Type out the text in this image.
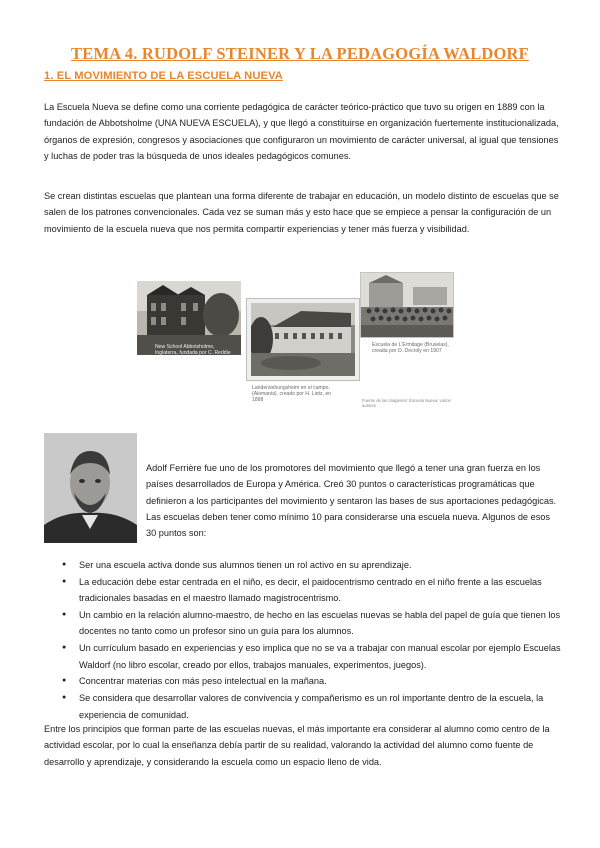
TEMA 4. RUDOLF STEINER Y LA PEDAGOGÍA WALDORF
1. EL MOVIMIENTO DE LA ESCUELA NUEVA

La Escuela Nueva se define como una corriente pedagógica de carácter teórico-práctico que tuvo su origen en 1889 con la fundación de Abbotsholme (UNA NUEVA ESCUELA), y que llegó a constituirse en organización fuertemente institucionalizada, órganos de expresión, congresos y asociaciones que configuraron un movimiento de carácter universal, al igual que tensiones y luchas de poder tras la búsqueda de unos ideales pedagógicos comunes.

Se crean distintas escuelas que plantean una forma diferente de trabajar en educación, un modelo distinto de escuelas que se salen de los patrones convencionales. Cada vez se suman más y esto hace que se empiece a pensar la configuración de un movimiento de la escuela nueva que nos permita compartir experiencias y tener más fuerza y visibilidad.

New School Abbotsholme, Inglaterra, fundada por C. Reddie en 1889
Landerziehungsheim en el campo, (Alemania), creado por H. Lietz, en 1898
Escuela de L'Ermitage (Bruselas), creada por O. Decroly en 1907
Fuente de las imágenes: Escuela Nueva, varios autores

Adolf Ferrière fue uno de los promotores del movimiento que llegó a tener una gran fuerza en los países desarrollados de Europa y América. Creó 30 puntos o características programáticas que definieron a los participantes del movimiento y sentaron las bases de sus aportaciones pedagógicas. Las escuelas deben tener como mínimo 10 para considerarse una escuela nueva. Algunos de esos 30 puntos son:

● Ser una escuela activa donde sus alumnos tienen un rol activo en su aprendizaje.
● La educación debe estar centrada en el niño, es decir, el paidocentrismo centrado en el niño frente a las escuelas tradicionales basadas en el maestro llamado magistrocentrismo.
● Un cambio en la relación alumno-maestro, de hecho en las escuelas nuevas se habla del papel de guía que tienen los docentes no tanto como un profesor sino un guía para los alumnos.
● Un currículum basado en experiencias y eso implica que no se va a trabajar con manual escolar por ejemplo Escuelas Waldorf (no libro escolar, creado por ellos, trabajos manuales, experimentos, juegos).
● Concentrar materias con más peso intelectual en la mañana.
● Se considera que desarrollar valores de convivencia y compañerismo es un rol importante dentro de la escuela, la experiencia de comunidad.

Entre los principios que forman parte de las escuelas nuevas, el más importante era considerar al alumno como centro de la actividad escolar, por lo cual la enseñanza debía partir de su realidad, valorando la actividad del alumno como fuente de desarrollo y aprendizaje, y considerando la escuela como un espacio lleno de vida.
